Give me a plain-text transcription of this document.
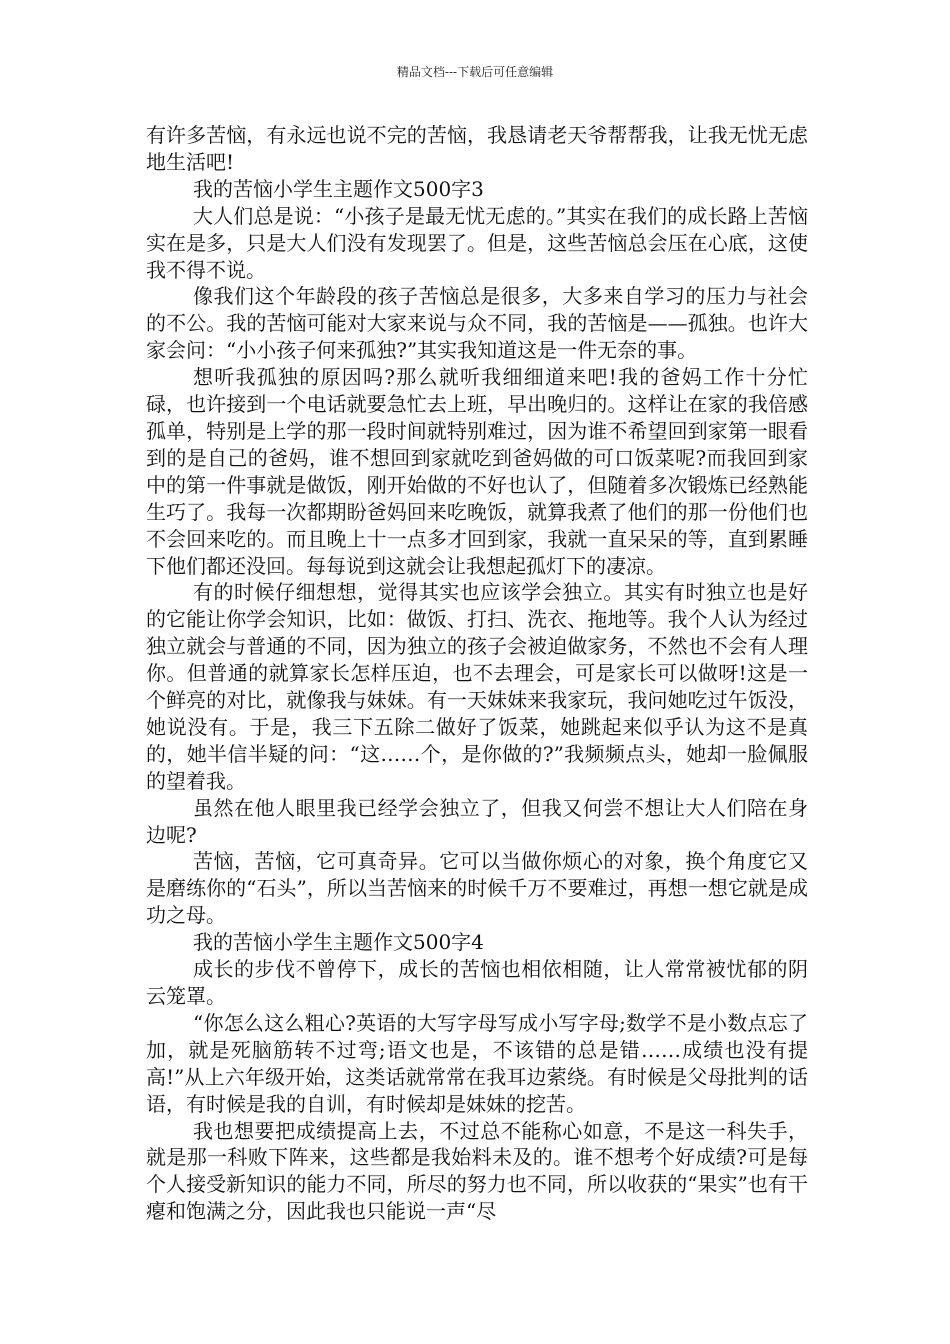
精品文档---下载后可任意编辑

有许多苦恼，有永远也说不完的苦恼，我恳请老天爷帮帮我，让我无忧无虑地生活吧!

我的苦恼小学生主题作文500字3

大人们总是说：“小孩子是最无忧无虑的。”其实在我们的成长路上苦恼实在是多，只是大人们没有发现罢了。但是，这些苦恼总会压在心底，这使我不得不说。

像我们这个年龄段的孩子苦恼总是很多，大多来自学习的压力与社会的不公。我的苦恼可能对大家来说与众不同，我的苦恼是——孤独。也许大家会问：“小小孩子何来孤独?”其实我知道这是一件无奈的事。

想听我孤独的原因吗?那么就听我细细道来吧!我的爸妈工作十分忙碌，也许接到一个电话就要急忙去上班，早出晚归的。这样让在家的我倍感孤单，特别是上学的那一段时间就特别难过，因为谁不希望回到家第一眼看到的是自己的爸妈，谁不想回到家就吃到爸妈做的可口饭菜呢?而我回到家中的第一件事就是做饭，刚开始做的不好也认了，但随着多次锻炼已经熟能生巧了。我每一次都期盼爸妈回来吃晚饭，就算我煮了他们的那一份他们也不会回来吃的。而且晚上十一点多才回到家，我就一直呆呆的等，直到累睡下他们都还没回。每每说到这就会让我想起孤灯下的凄凉。

有的时候仔细想想，觉得其实也应该学会独立。其实有时独立也是好的它能让你学会知识，比如：做饭、打扫、洗衣、拖地等。我个人认为经过独立就会与普通的不同，因为独立的孩子会被迫做家务，不然也不会有人理你。但普通的就算家长怎样压迫，也不去理会，可是家长可以做呀!这是一个鲜亮的对比，就像我与妹妹。有一天妹妹来我家玩，我问她吃过午饭没，她说没有。于是，我三下五除二做好了饭菜，她跳起来似乎认为这不是真的，她半信半疑的问：“这……个，是你做的?”我频频点头，她却一脸佩服的望着我。

虽然在他人眼里我已经学会独立了，但我又何尝不想让大人们陪在身边呢?

苦恼，苦恼，它可真奇异。它可以当做你烦心的对象，换个角度它又是磨练你的“石头”，所以当苦恼来的时候千万不要难过，再想一想它就是成功之母。

我的苦恼小学生主题作文500字4

成长的步伐不曾停下，成长的苦恼也相依相随，让人常常被忧郁的阴云笼罩。

“你怎么这么粗心?英语的大写字母写成小写字母;数学不是小数点忘了加，就是死脑筋转不过弯;语文也是，不该错的总是错……成绩也没有提高!”从上六年级开始，这类话就常常在我耳边萦绕。有时候是父母批判的话语，有时候是我的自训，有时候却是妹妹的挖苦。

我也想要把成绩提高上去，不过总不能称心如意，不是这一科失手，就是那一科败下阵来，这些都是我始料未及的。谁不想考个好成绩?可是每个人接受新知识的能力不同，所尽的努力也不同，所以收获的“果实”也有干瘪和饱满之分，因此我也只能说一声“尽
